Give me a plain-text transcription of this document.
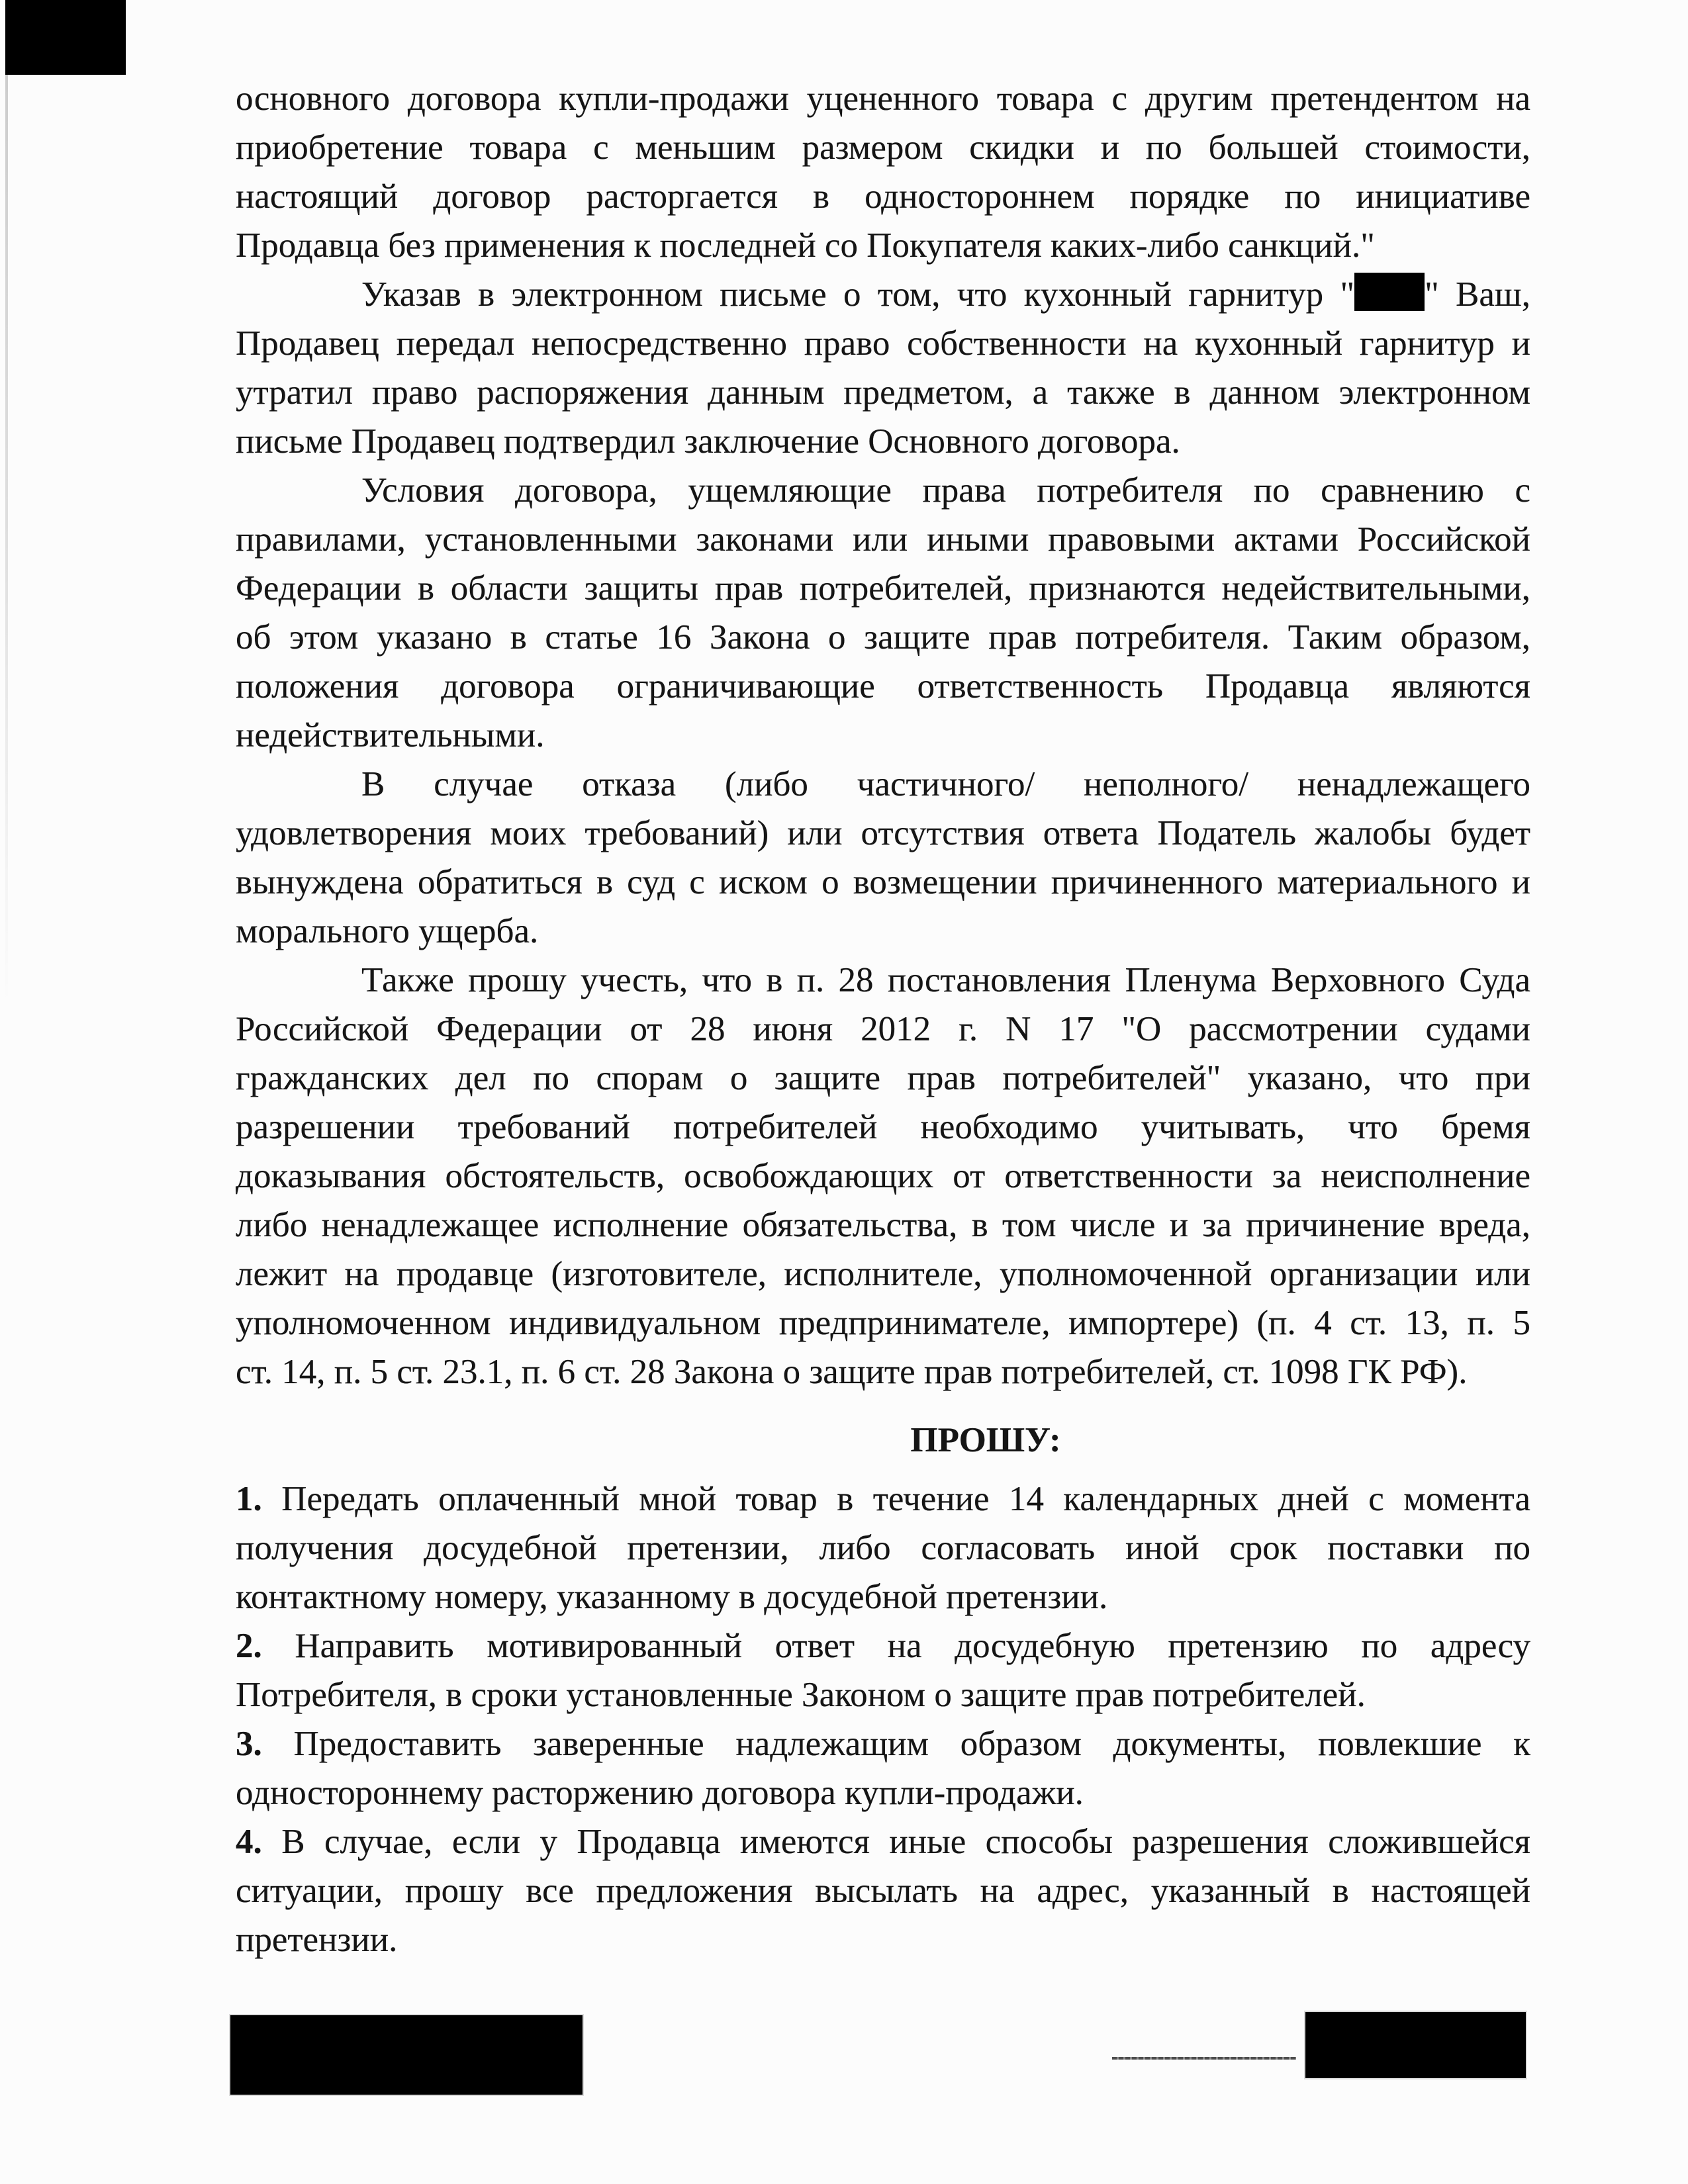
основного договора купли-продажи уцененного товара с другим претендентом на
приобретение товара с меньшим размером скидки и по большей стоимости,
настоящий договор расторгается в одностороннем порядке по инициативе
Продавца без применения к последней со Покупателя каких-либо санкций."
Указав в электронном письме о том, что кухонный гарнитур " " Ваш,
Продавец передал непосредственно право собственности на кухонный гарнитур и
утратил право распоряжения данным предметом, а также в данном электронном
письме Продавец подтвердил заключение Основного договора.
Условия договора, ущемляющие права потребителя по сравнению с
правилами, установленными законами или иными правовыми актами Российской
Федерации в области защиты прав потребителей, признаются недействительными,
об этом указано в статье 16 Закона о защите прав потребителя. Таким образом,
положения договора ограничивающие ответственность Продавца являются
недействительными.
В случае отказа (либо частичного/ неполного/ ненадлежащего
удовлетворения моих требований) или отсутствия ответа Податель жалобы будет
вынуждена обратиться в суд с иском о возмещении причиненного материального и
морального ущерба.
Также прошу учесть, что в п. 28 постановления Пленума Верховного Суда
Российской Федерации от 28 июня 2012 г. N 17 "О рассмотрении судами
гражданских дел по спорам о защите прав потребителей" указано, что при
разрешении требований потребителей необходимо учитывать, что бремя
доказывания обстоятельств, освобождающих от ответственности за неисполнение
либо ненадлежащее исполнение обязательства, в том числе и за причинение вреда,
лежит на продавце (изготовителе, исполнителе, уполномоченной организации или
уполномоченном индивидуальном предпринимателе, импортере) (п. 4 ст. 13, п. 5
ст. 14, п. 5 ст. 23.1, п. 6 ст. 28 Закона о защите прав потребителей, ст. 1098 ГК РФ).
ПРОШУ:
1. Передать оплаченный мной товар в течение 14 календарных дней с момента
получения досудебной претензии, либо согласовать иной срок поставки по
контактному номеру, указанному в досудебной претензии.
2. Направить мотивированный ответ на досудебную претензию по адресу
Потребителя, в сроки установленные Законом о защите прав потребителей.
3. Предоставить заверенные надлежащим образом документы, повлекшие к
одностороннему расторжению договора купли-продажи.
4. В случае, если у Продавца имеются иные способы разрешения сложившейся
ситуации, прошу все предложения высылать на адрес, указанный в настоящей
претензии.
